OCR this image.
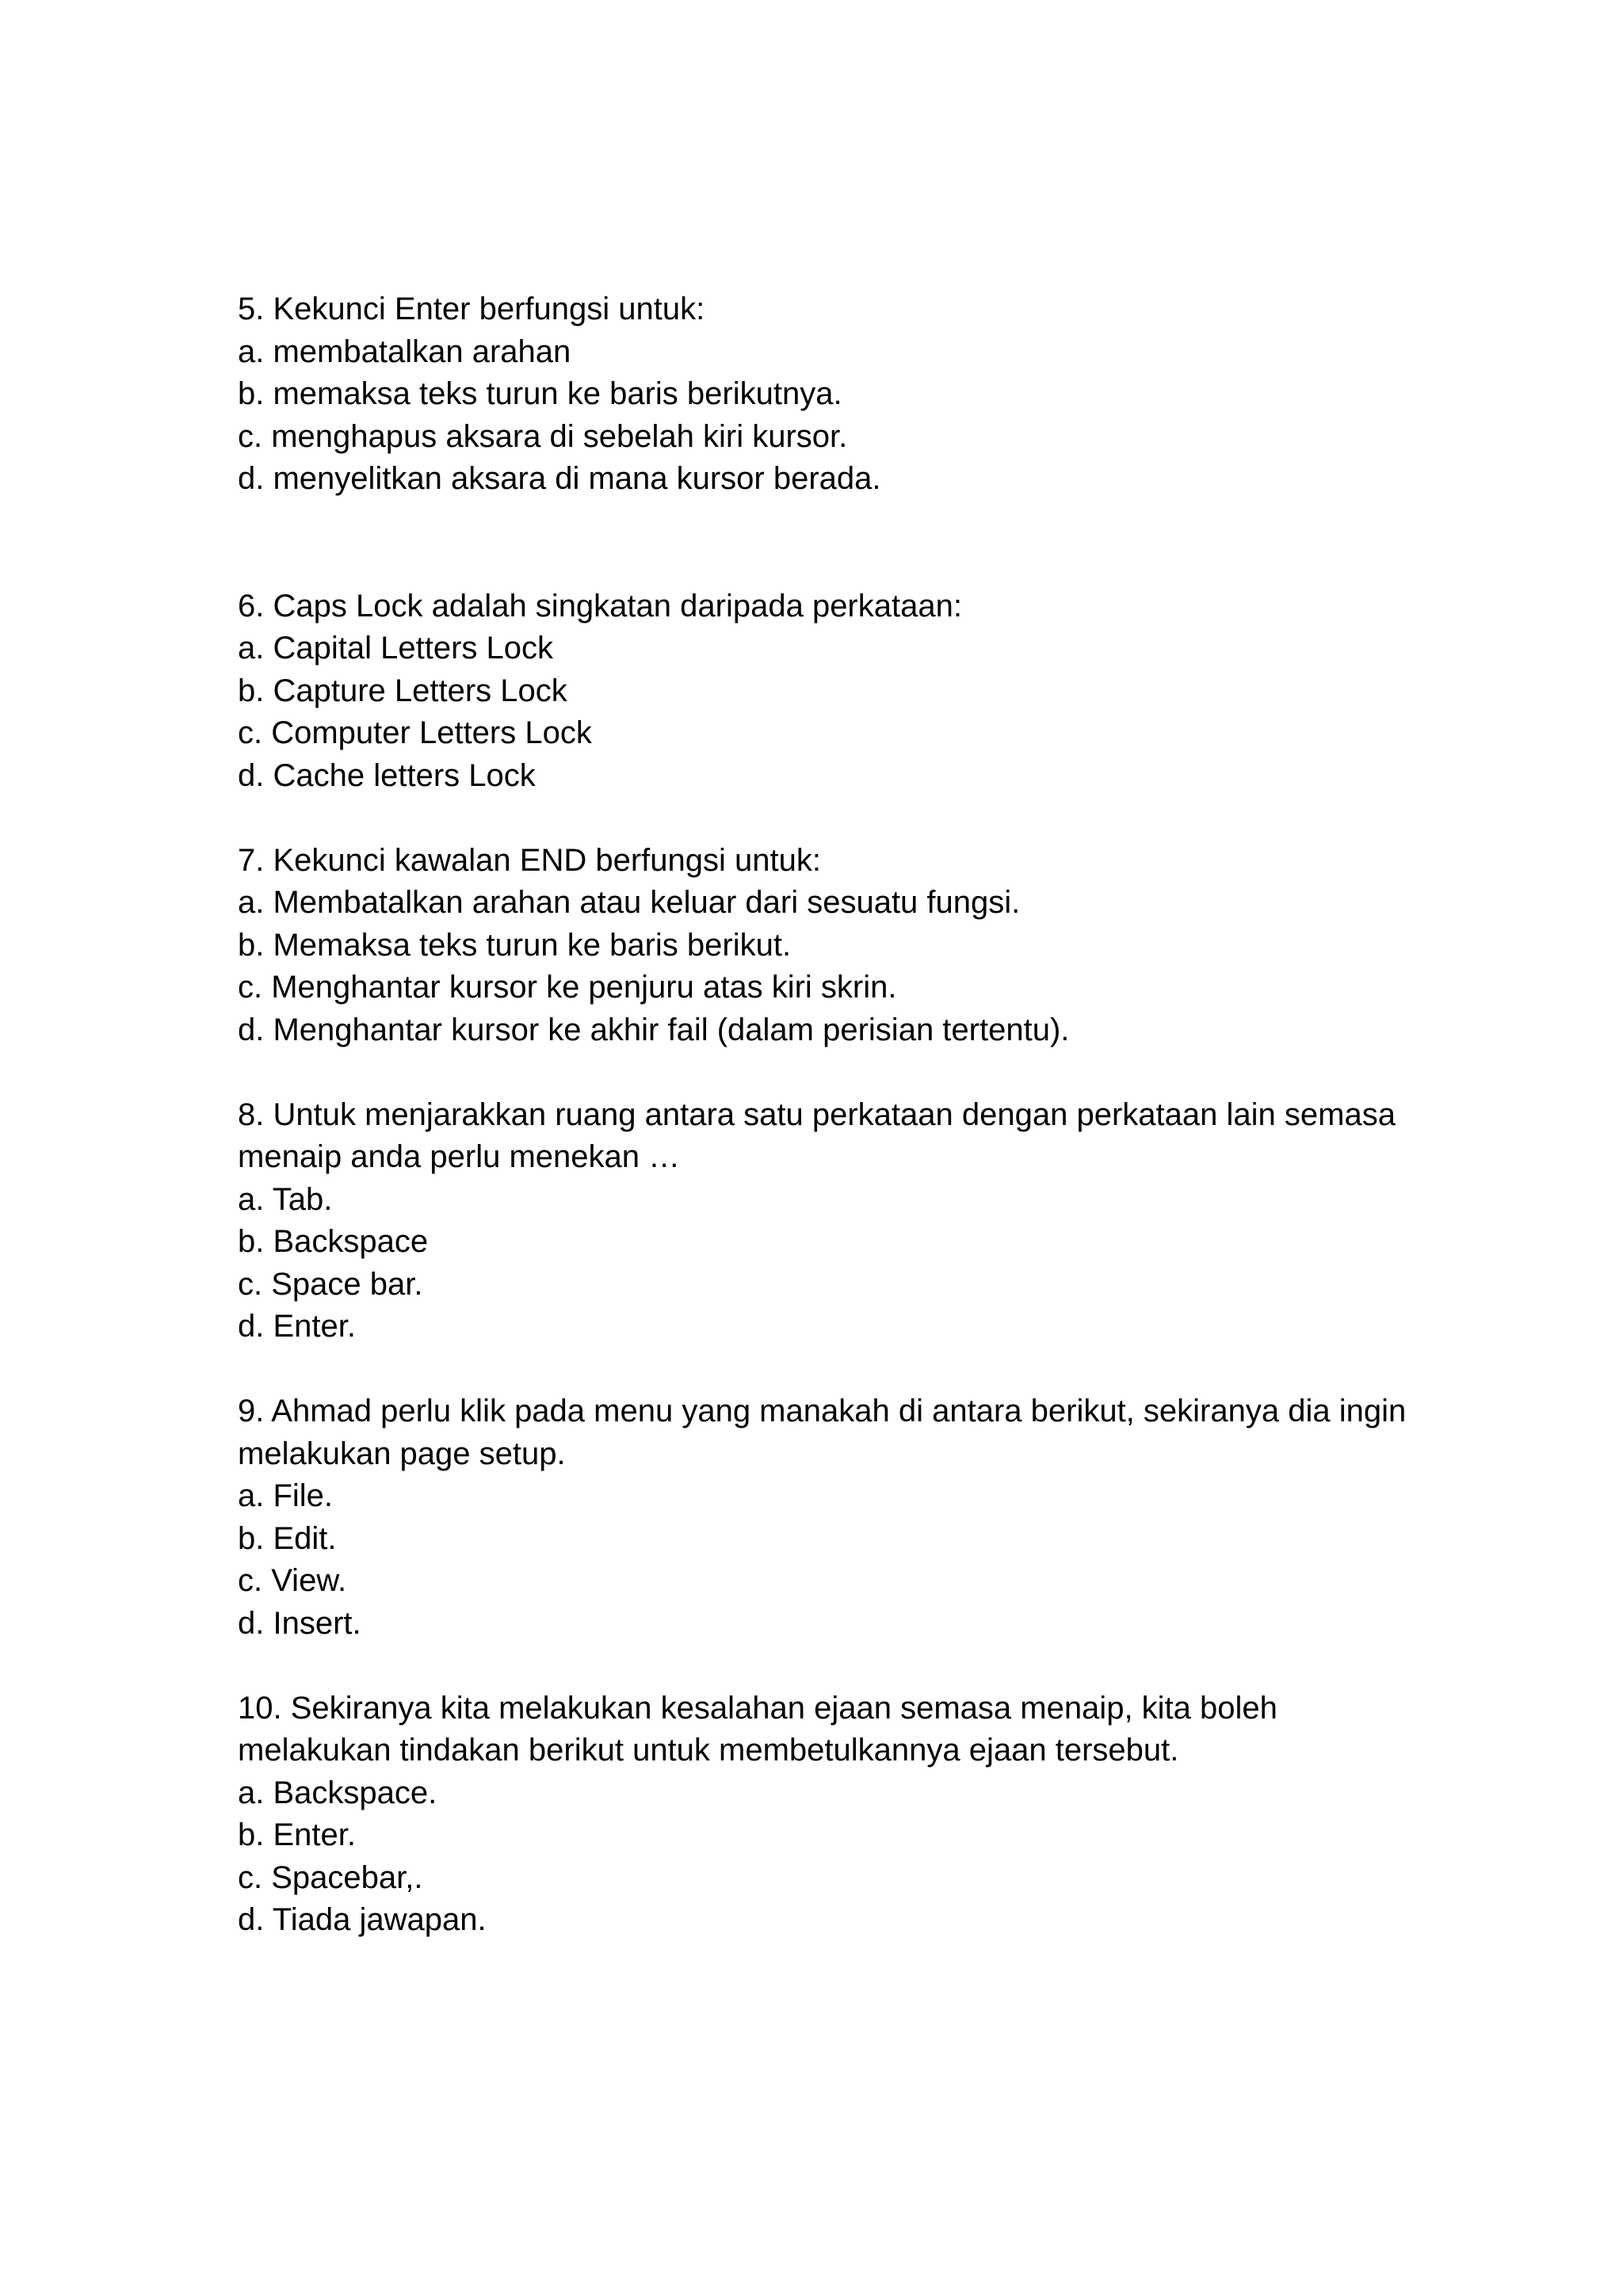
5. Kekunci Enter berfungsi untuk:
a. membatalkan arahan
b. memaksa teks turun ke baris berikutnya.
c. menghapus aksara di sebelah kiri kursor.
d. menyelitkan aksara di mana kursor berada.
6. Caps Lock adalah singkatan daripada perkataan:
a. Capital Letters Lock
b. Capture Letters Lock
c. Computer Letters Lock
d. Cache letters Lock
7. Kekunci kawalan END berfungsi untuk:
a. Membatalkan arahan atau keluar dari sesuatu fungsi.
b. Memaksa teks turun ke baris berikut.
c. Menghantar kursor ke penjuru atas kiri skrin.
d. Menghantar kursor ke akhir fail (dalam perisian tertentu).
8. Untuk menjarakkan ruang antara satu perkataan dengan perkataan lain semasa
menaip anda perlu menekan …
a. Tab.
b. Backspace
c. Space bar.
d. Enter.
9. Ahmad perlu klik pada menu yang manakah di antara berikut, sekiranya dia ingin
melakukan page setup.
a. File.
b. Edit.
c. View.
d. Insert.
10. Sekiranya kita melakukan kesalahan ejaan semasa menaip, kita boleh
melakukan tindakan berikut untuk membetulkannya ejaan tersebut.
a. Backspace.
b. Enter.
c. Spacebar,.
d. Tiada jawapan.
